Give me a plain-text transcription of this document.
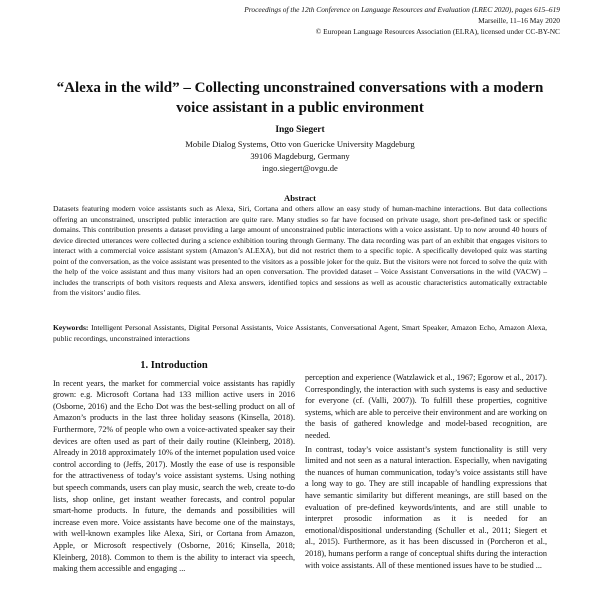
Proceedings of the 12th Conference on Language Resources and Evaluation (LREC 2020), pages 615–619
Marseille, 11–16 May 2020
© European Language Resources Association (ELRA), licensed under CC-BY-NC
“Alexa in the wild” – Collecting unconstrained conversations with a modern voice assistant in a public environment
Ingo Siegert
Mobile Dialog Systems, Otto von Guericke University Magdeburg
39106 Magdeburg, Germany
ingo.siegert@ovgu.de
Abstract
Datasets featuring modern voice assistants such as Alexa, Siri, Cortana and others allow an easy study of human-machine interactions. But data collections offering an unconstrained, unscripted public interaction are quite rare. Many studies so far have focused on private usage, short pre-defined task or specific domains. This contribution presents a dataset providing a large amount of unconstrained public interactions with a voice assistant. Up to now around 40 hours of device directed utterances were collected during a science exhibition touring through Germany. The data recording was part of an exhibit that engages visitors to interact with a commercial voice assistant system (Amazon’s ALEXA), but did not restrict them to a specific topic. A specifically developed quiz was starting point of the conversation, as the voice assistant was presented to the visitors as a possible joker for the quiz. But the visitors were not forced to solve the quiz with the help of the voice assistant and thus many visitors had an open conversation. The provided dataset – Voice Assistant Conversations in the wild (VACW) – includes the transcripts of both visitors requests and Alexa answers, identified topics and sessions as well as acoustic characteristics automatically extractable from the visitors’ audio files.
Keywords: Intelligent Personal Assistants, Digital Personal Assistants, Voice Assistants, Conversational Agent, Smart Speaker, Amazon Echo, Amazon Alexa, public recordings, unconstrained interactions
1. Introduction

In recent years, the market for commercial voice assistants has rapidly grown: e.g. Microsoft Cortana had 133 million active users in 2016 (Osborne, 2016) and the Echo Dot was the best-selling product on all of Amazon’s products in the last three holiday seasons (Kinsella, 2018). Furthermore, 72% of people who own a voice-activated speaker say their devices are often used as part of their daily routine (Kleinberg, 2018). Already in 2018 approximately 10% of the internet population used voice control according to (Jeffs, 2017). Mostly the ease of use is responsible for the attractiveness of today’s voice assistant systems. Using nothing but speech commands, users can play music, search the web, create to-do lists, shop online, get instant weather forecasts, and control popular smart-home products. In future, the demands and possibilities will increase even more. Voice assistants have become one of the mainstays, with well-known examples like Alexa, Siri, or Cortana from Amazon, Apple, or Microsoft respectively (Osborne, 2016; Kinsella, 2018; Kleinberg, 2018). Common to them is the ability to interact via speech, making them accessible and engaging ...

perception and experience (Watzlawick et al., 1967; Egorow et al., 2017). Correspondingly, the interaction with such systems is easy and seductive for everyone (cf. (Valli, 2007)). To fulfill these properties, cognitive systems, which are able to perceive their environment and are working on the basis of gathered knowledge and model-based recognition, are needed.

In contrast, today’s voice assistant’s system functionality is still very limited and not seen as a natural interaction. Especially, when navigating the nuances of human communication, today’s voice assistants still have a long way to go. They are still incapable of handling expressions that have semantic similarity but different meanings, are still based on the evaluation of pre-defined keywords/intents, and are still unable to interpret prosodic information as it is needed for an emotional/dispositional understanding (Schuller et al., 2011; Siegert et al., 2015). Furthermore, as it has been discussed in (Porcheron et al., 2018), humans perform a range of conceptual shifts during the interaction with voice assistants. All of these mentioned issues have to be studied ...
